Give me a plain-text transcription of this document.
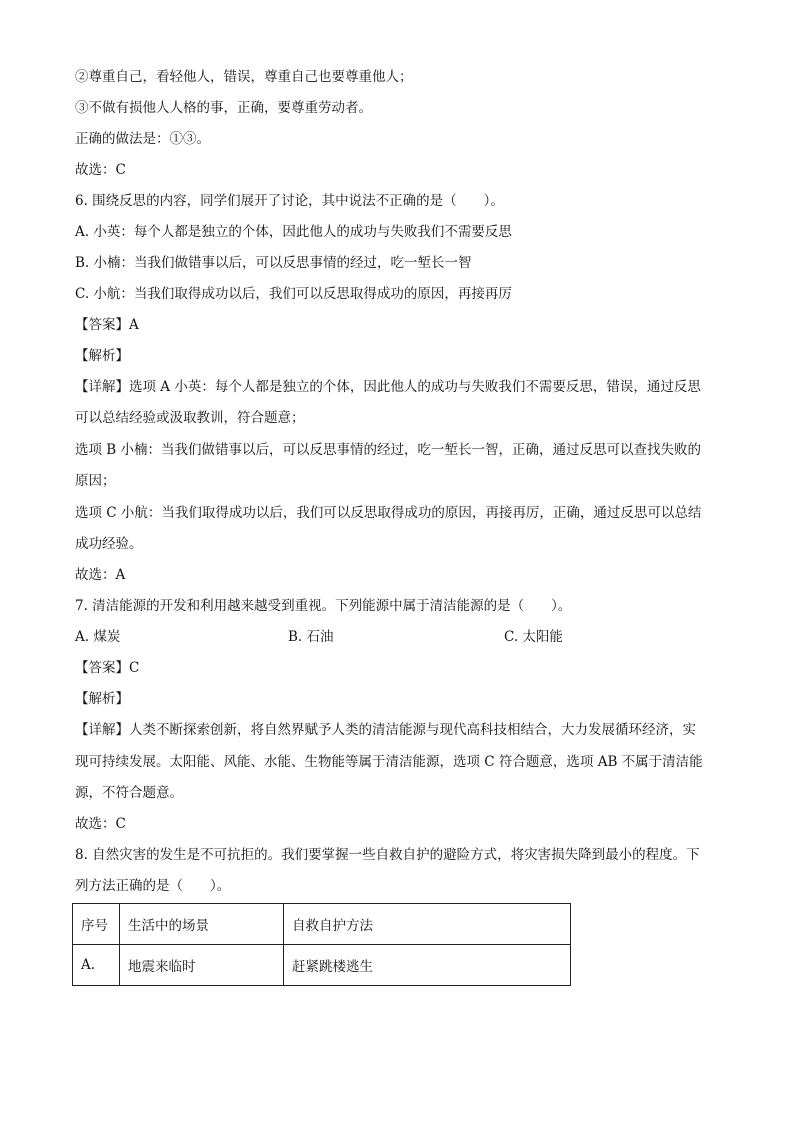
②尊重自己，看轻他人，错误，尊重自己也要尊重他人；
③不做有损他人人格的事，正确，要尊重劳动者。
正确的做法是：①③。
故选：C
6. 围绕反思的内容，同学们展开了讨论，其中说法不正确的是（　　）。
A. 小英：每个人都是独立的个体，因此他人的成功与失败我们不需要反思
B. 小楠：当我们做错事以后，可以反思事情的经过，吃一堑长一智
C. 小航：当我们取得成功以后，我们可以反思取得成功的原因，再接再厉
【答案】A
【解析】
【详解】选项 A 小英：每个人都是独立的个体，因此他人的成功与失败我们不需要反思，错误，通过反思
可以总结经验或汲取教训，符合题意；
选项 B 小楠：当我们做错事以后，可以反思事情的经过，吃一堑长一智，正确，通过反思可以查找失败的
原因；
选项 C 小航：当我们取得成功以后，我们可以反思取得成功的原因，再接再厉，正确，通过反思可以总结
成功经验。
故选：A
7. 清洁能源的开发和利用越来越受到重视。下列能源中属于清洁能源的是（　　）。
A. 煤炭	B. 石油	C. 太阳能
【答案】C
【解析】
【详解】人类不断探索创新，将自然界赋予人类的清洁能源与现代高科技相结合，大力发展循环经济，实
现可持续发展。太阳能、风能、水能、生物能等属于清洁能源，选项 C 符合题意，选项 AB 不属于清洁能
源，不符合题意。
故选：C
8. 自然灾害的发生是不可抗拒的。我们要掌握一些自救自护的避险方式，将灾害损失降到最小的程度。下
列方法正确的是（　　）。
序号	生活中的场景	自救自护方法
A.	地震来临时	赶紧跳楼逃生
